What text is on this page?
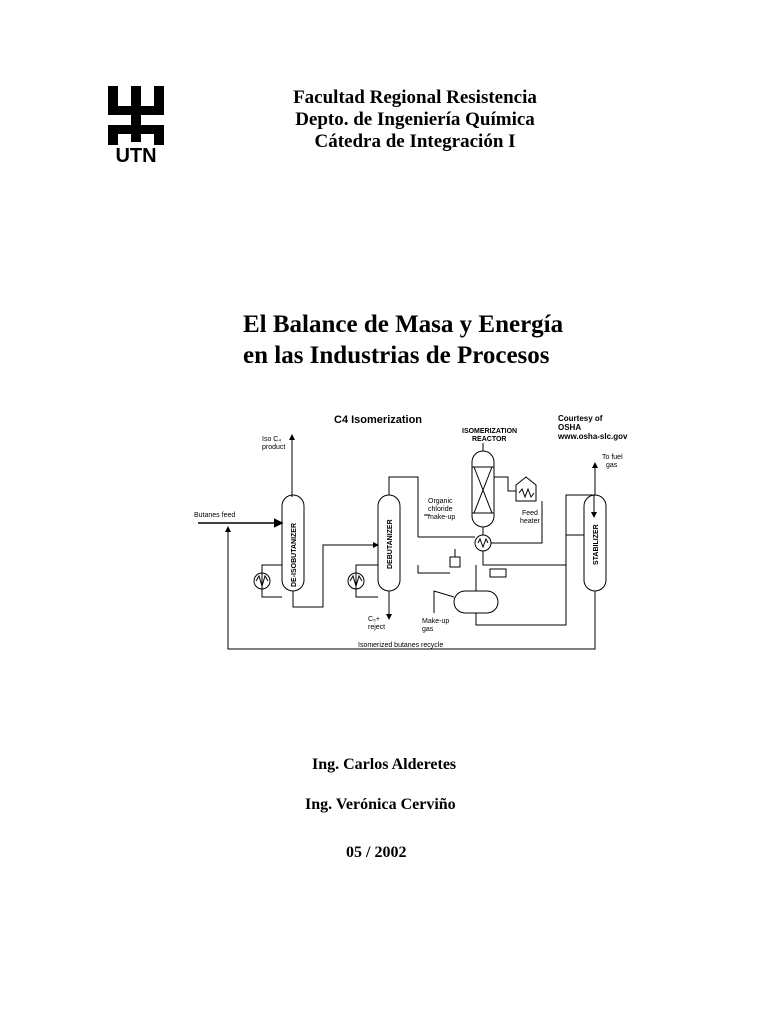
UTN
Facultad Regional Resistencia
Depto. de Ingeniería Química
Cátedra de Integración I
El Balance de Masa y Energía
en las Industrias de Procesos
C4 Isomerization	Courtesy of
OSHA
www.osha-slc.gov
Iso C₄
product
Butanes feed
DE-ISOBUTANIZER	DEBUTANIZER	STABILIZER
ISOMERIZATION
REACTOR
Organic
chloride
make-up
Feed
heater
To fuel
gas
C₅+
reject
Make-up
gas
Isomerized butanes recycle
Ing. Carlos Alderetes
Ing. Verónica Cerviño
05 / 2002
